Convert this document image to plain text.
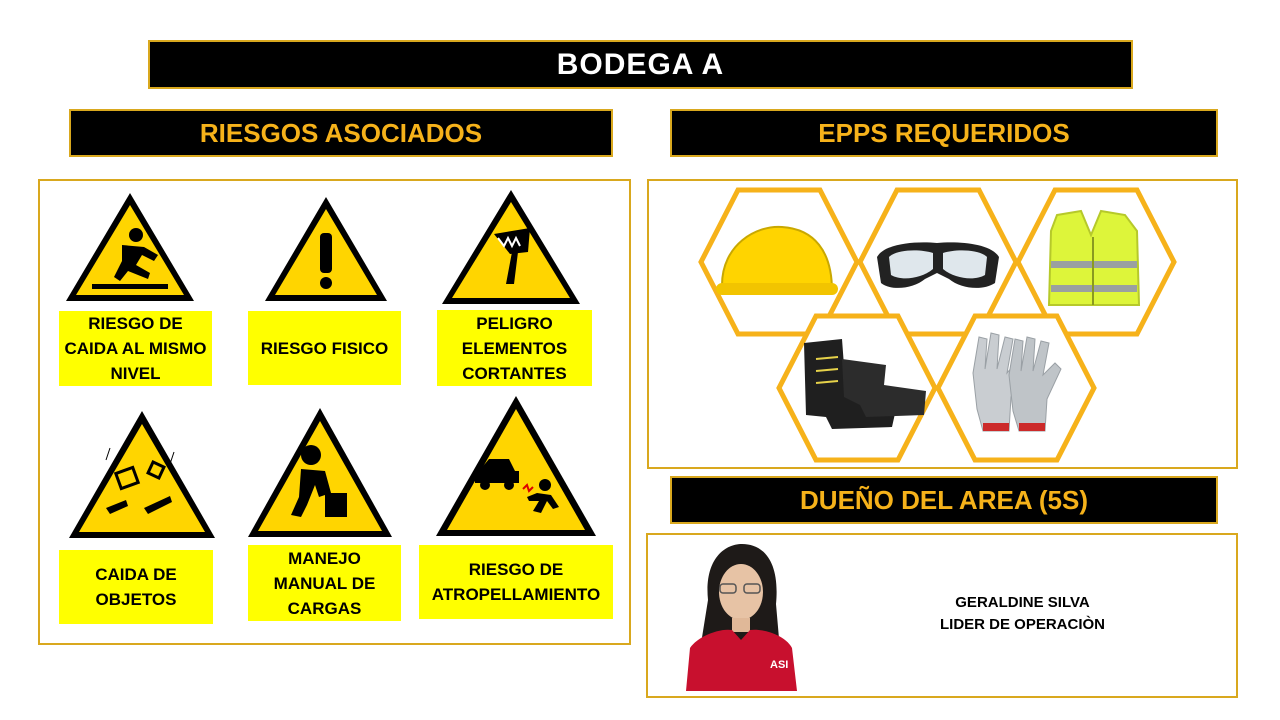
BODEGA A
RIESGOS ASOCIADOS	EPPS REQUERIDOS
DUEÑO DEL AREA (5S)
RIESGO DE CAIDA AL MISMO NIVEL
RIESGO FISICO
PELIGRO ELEMENTOS CORTANTES
CAIDA DE OBJETOS
MANEJO MANUAL DE CARGAS
RIESGO DE ATROPELLAMIENTO
ASI
GERALDINE SILVA
LIDER DE OPERACIÒN
